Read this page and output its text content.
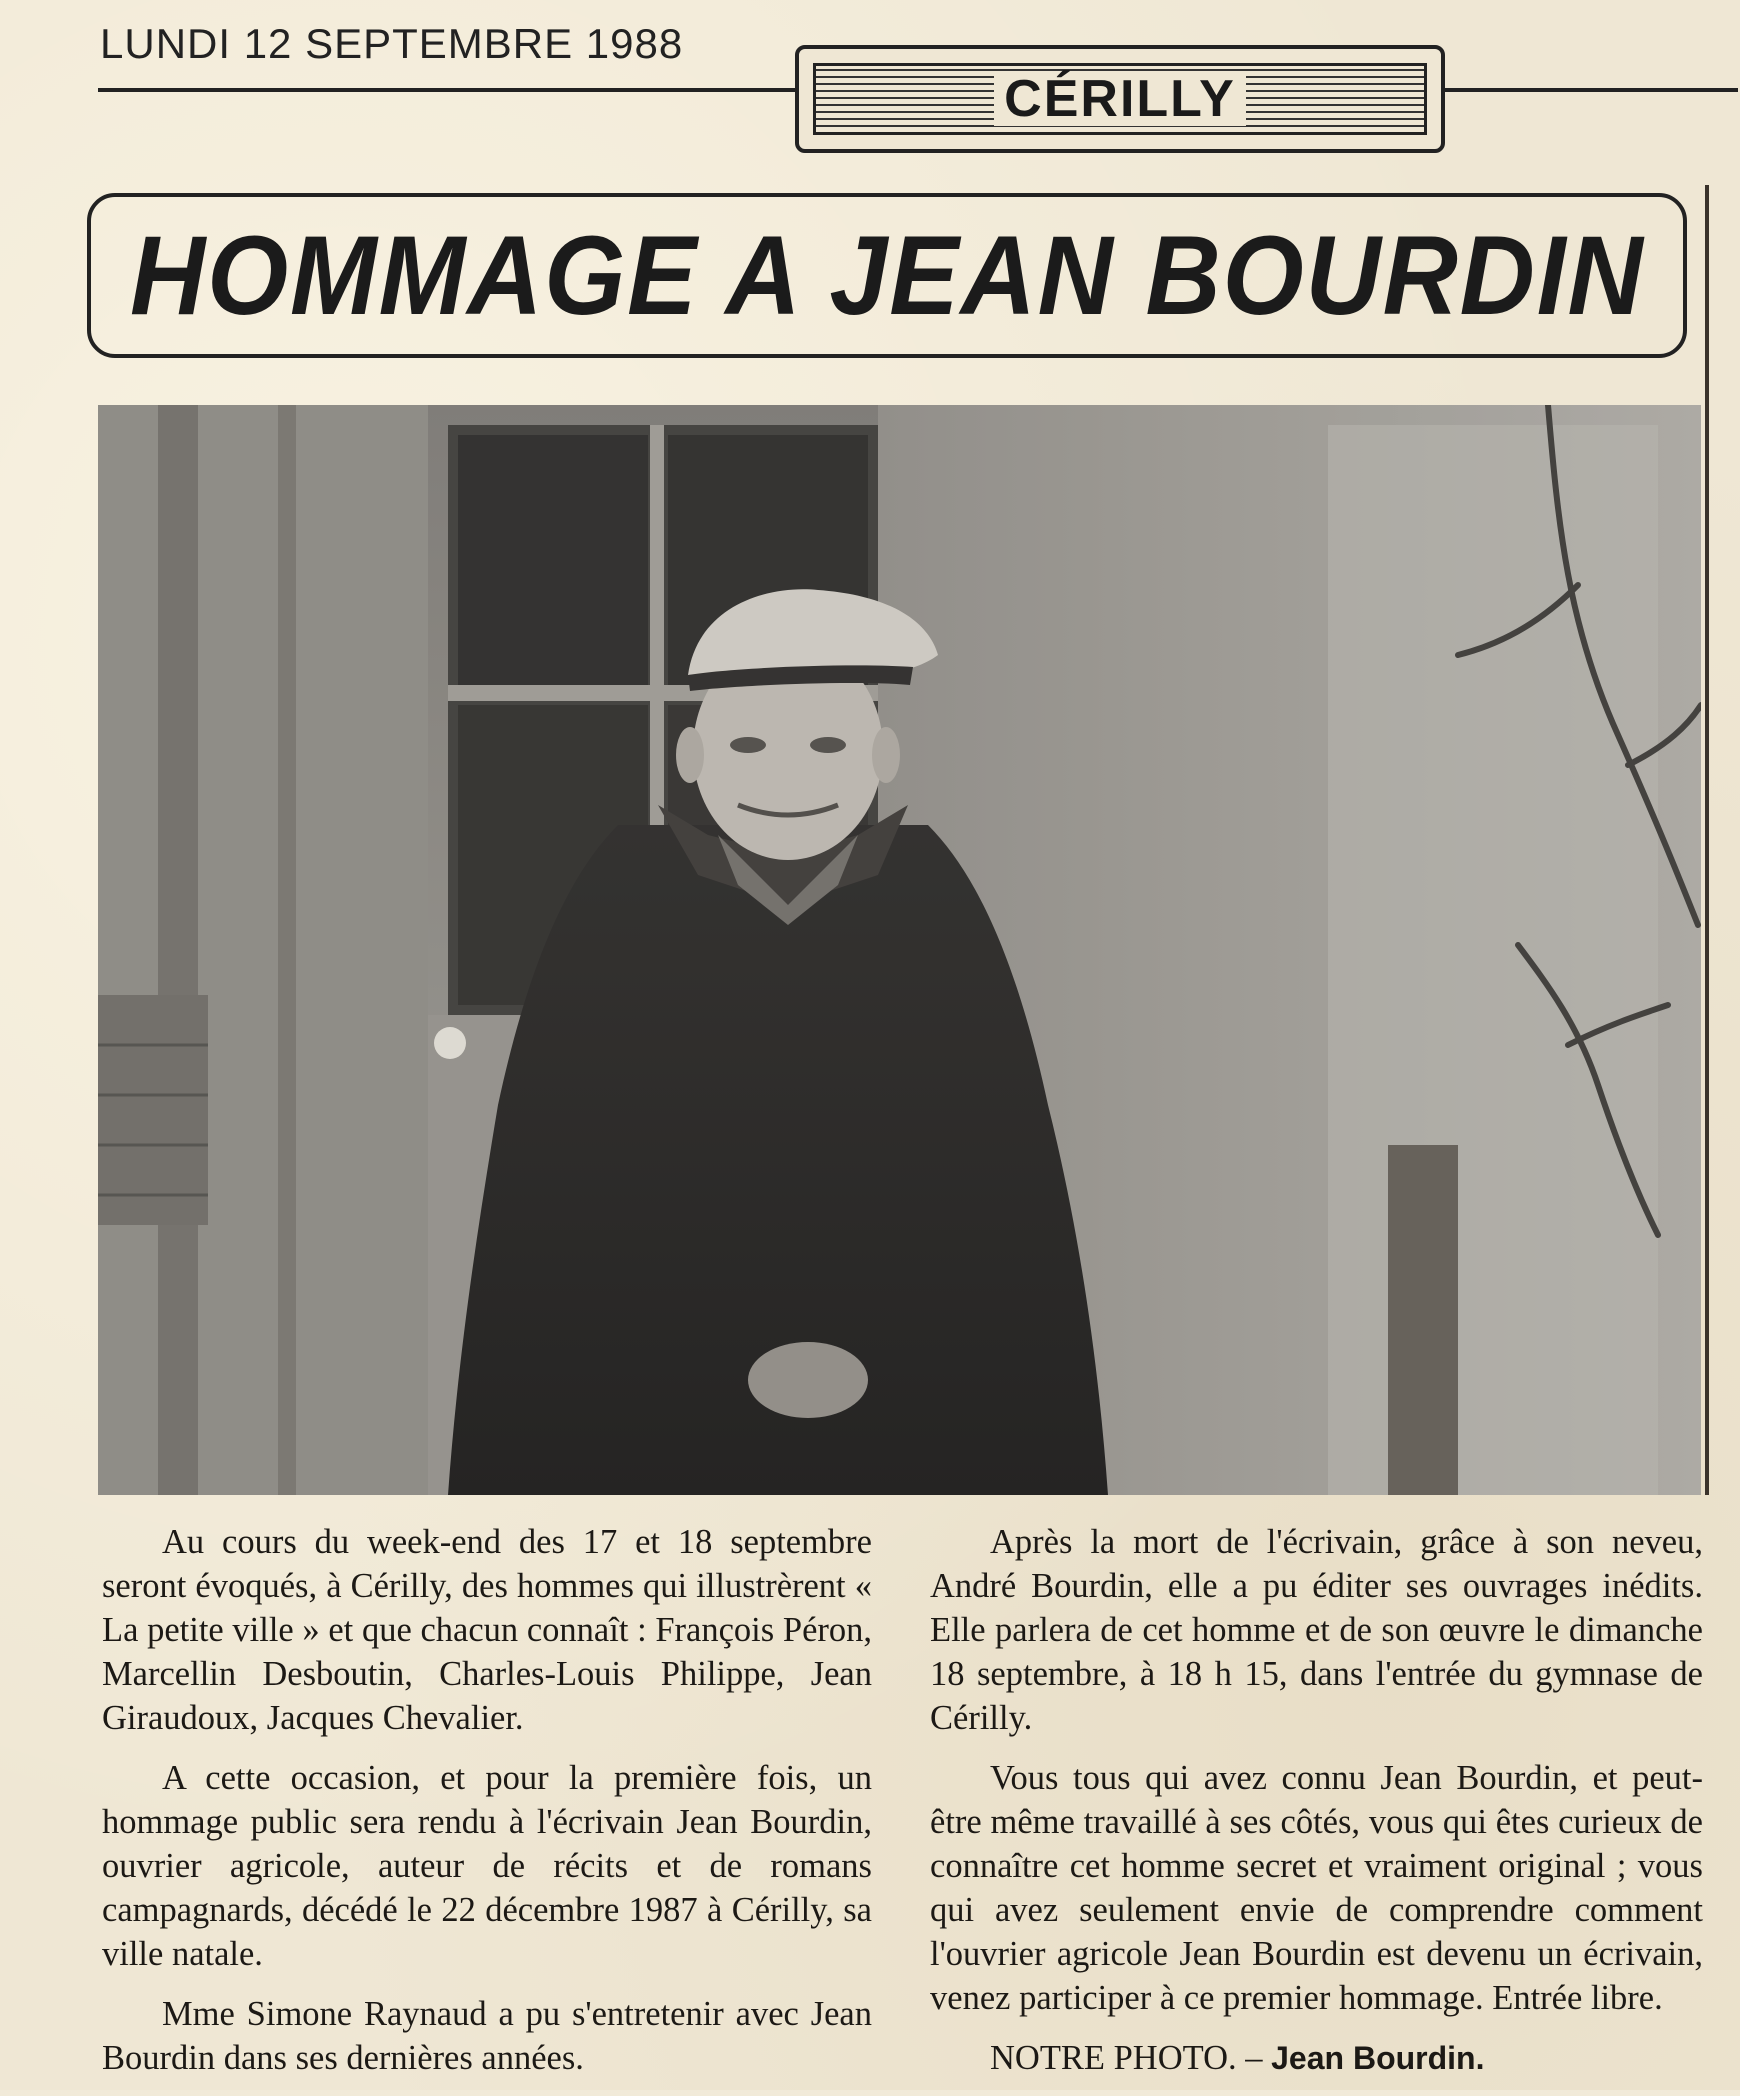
LUNDI 12 SEPTEMBRE 1988
CÉRILLY
HOMMAGE A JEAN BOURDIN

Au cours du week-end des 17 et 18 septembre seront évoqués, à Cérilly, des hommes qui illustrèrent « La petite ville » et que chacun connaît : François Péron, Marcellin Desboutin, Charles-Louis Philippe, Jean Giraudoux, Jacques Chevalier.

A cette occasion, et pour la première fois, un hommage public sera rendu à l'écrivain Jean Bourdin, ouvrier agricole, auteur de récits et de romans campagnards, décédé le 22 décembre 1987 à Cérilly, sa ville natale.

Mme Simone Raynaud a pu s'entretenir avec Jean Bourdin dans ses dernières années.

Après la mort de l'écrivain, grâce à son neveu, André Bourdin, elle a pu éditer ses ouvrages inédits. Elle parlera de cet homme et de son œuvre le dimanche 18 septembre, à 18 h 15, dans l'entrée du gymnase de Cérilly.

Vous tous qui avez connu Jean Bourdin, et peut-être même travaillé à ses côtés, vous qui êtes curieux de connaître cet homme secret et vraiment original ; vous qui avez seulement envie de comprendre comment l'ouvrier agricole Jean Bourdin est devenu un écrivain, venez participer à ce premier hommage. Entrée libre.

NOTRE PHOTO. – Jean Bourdin.
